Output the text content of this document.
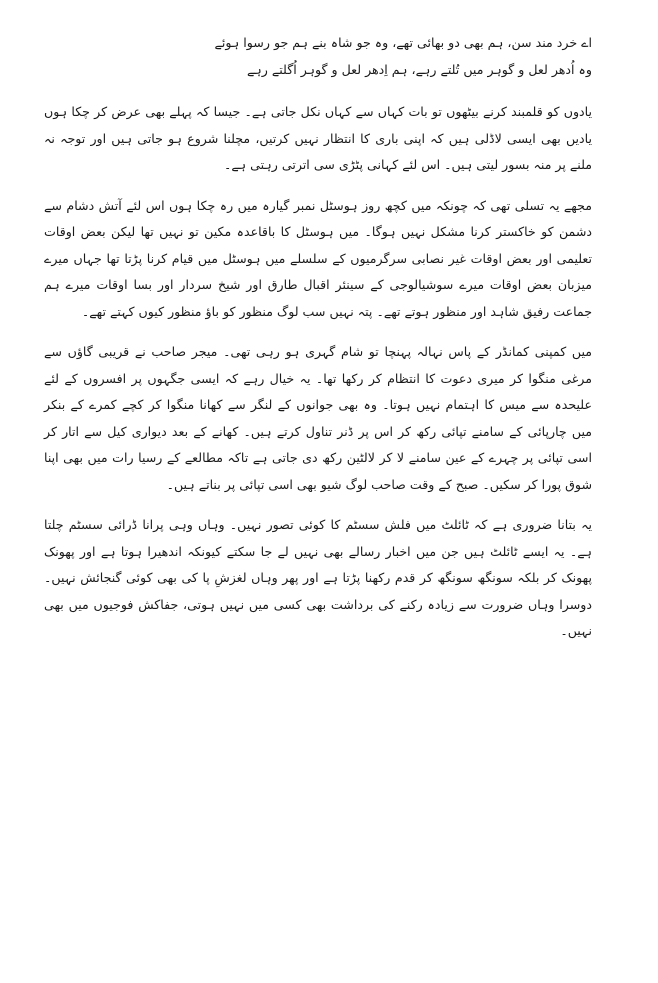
اے خرد مند سن، ہم بھی دو بھائی تھے، وہ جو شاہ بنے ہم جو رسوا ہوئے
وہ اُدھر لعل و گوہر میں تُلتے رہے، ہم اِدھر لعل و گوہر اُگلتے رہے

یادوں کو قلمبند کرنے بیٹھوں تو بات کہاں سے کہاں نکل جاتی ہے۔ جیسا کہ پہلے بھی عرض کر چکا ہوں یادیں بھی ایسی لاڈلی ہیں کہ اپنی باری کا انتظار نہیں کرتیں، مچلنا شروع ہو جاتی ہیں اور توجہ نہ ملنے پر منہ بسور لیتی ہیں۔ اس لئے کہانی پٹڑی سی اترتی رہتی ہے۔

مجھے یہ تسلی تھی کہ چونکہ میں کچھ روز ہوسٹل نمبر گیارہ میں رہ چکا ہوں اس لئے آتش دشام سے دشمن کو خاکستر کرنا مشکل نہیں ہوگا۔ میں ہوسٹل کا باقاعدہ مکین تو نہیں تھا لیکن بعض اوقات تعلیمی اور بعض اوقات غیر نصابی سرگرمیوں کے سلسلے میں ہوسٹل میں قیام کرنا پڑتا تھا جہاں میرے میزبان بعض اوقات میرے سوشیالوجی کے سینئر اقبال طارق اور شیخ سردار اور بسا اوقات میرے ہم جماعت رفیق شاہد اور منظور ہوتے تھے۔ پتہ نہیں سب لوگ منظور کو باؤ منظور کیوں کہتے تھے۔

میں کمپنی کمانڈر کے پاس نہالہ پہنچا تو شام گہری ہو رہی تھی۔ میجر صاحب نے قریبی گاؤں سے مرغی منگوا کر میری دعوت کا انتظام کر رکھا تھا۔ یہ خیال رہے کہ ایسی جگہوں پر افسروں کے لئے علیحدہ سے میس کا اہتمام نہیں ہوتا۔ وہ بھی جوانوں کے لنگر سے کھانا منگوا کر کچے کمرے کے بنکر میں چارپائی کے سامنے تپائی رکھ کر اس پر ڈنر تناول کرتے ہیں۔ کھانے کے بعد دیواری کیل سے اتار کر اسی تپائی پر چہرے کے عین سامنے لا کر لالٹین رکھ دی جاتی ہے تاکہ مطالعے کے رسیا رات میں بھی اپنا شوق پورا کر سکیں۔ صبح کے وقت صاحب لوگ شیو بھی اسی تپائی پر بناتے ہیں۔

یہ بتانا ضروری ہے کہ ٹائلٹ میں فلش سسٹم کا کوئی تصور نہیں۔ وہاں وہی پرانا ڈرائی سسٹم چلتا ہے۔ یہ ایسے ٹائلٹ ہیں جن میں اخبار رسالے بھی نہیں لے جا سکتے کیونکہ اندھیرا ہوتا ہے اور پھونک پھونک کر بلکہ سونگھ سونگھ کر قدم رکھنا پڑتا ہے اور پھر وہاں لغزشِ پا کی بھی کوئی گنجائش نہیں۔ دوسرا وہاں ضرورت سے زیادہ رکنے کی برداشت بھی کسی میں نہیں ہوتی، جفاکش فوجیوں میں بھی نہیں۔
